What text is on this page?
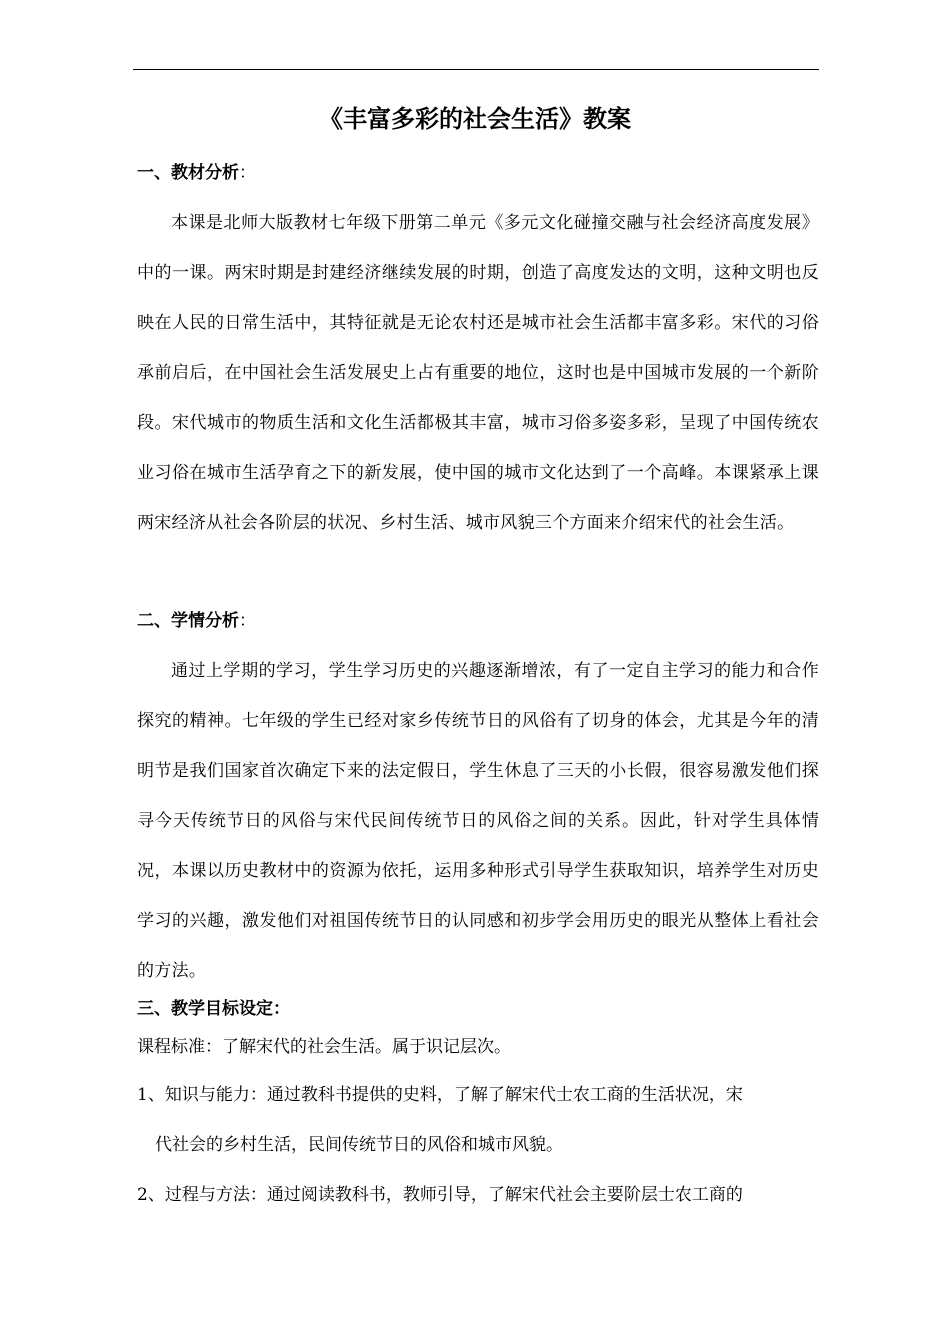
《丰富多彩的社会生活》教案
一、教材分析：

本课是北师大版教材七年级下册第二单元《多元文化碰撞交融与社会经济高度发展》中的一课。两宋时期是封建经济继续发展的时期，创造了高度发达的文明，这种文明也反映在人民的日常生活中，其特征就是无论农村还是城市社会生活都丰富多彩。宋代的习俗承前启后，在中国社会生活发展史上占有重要的地位，这时也是中国城市发展的一个新阶段。宋代城市的物质生活和文化生活都极其丰富，城市习俗多姿多彩，呈现了中国传统农业习俗在城市生活孕育之下的新发展，使中国的城市文化达到了一个高峰。本课紧承上课两宋经济从社会各阶层的状况、乡村生活、城市风貌三个方面来介绍宋代的社会生活。

二、学情分析：

通过上学期的学习，学生学习历史的兴趣逐渐增浓，有了一定自主学习的能力和合作探究的精神。七年级的学生已经对家乡传统节日的风俗有了切身的体会，尤其是今年的清明节是我们国家首次确定下来的法定假日，学生休息了三天的小长假，很容易激发他们探寻今天传统节日的风俗与宋代民间传统节日的风俗之间的关系。因此，针对学生具体情况，本课以历史教材中的资源为依托，运用多种形式引导学生获取知识，培养学生对历史学习的兴趣，激发他们对祖国传统节日的认同感和初步学会用历史的眼光从整体上看社会的方法。

三、教学目标设定：
课程标准：了解宋代的社会生活。属于识记层次。
1、知识与能力：通过教科书提供的史料，了解了解宋代士农工商的生活状况，宋
代社会的乡村生活，民间传统节日的风俗和城市风貌。
2、过程与方法：通过阅读教科书，教师引导，了解宋代社会主要阶层士农工商的
